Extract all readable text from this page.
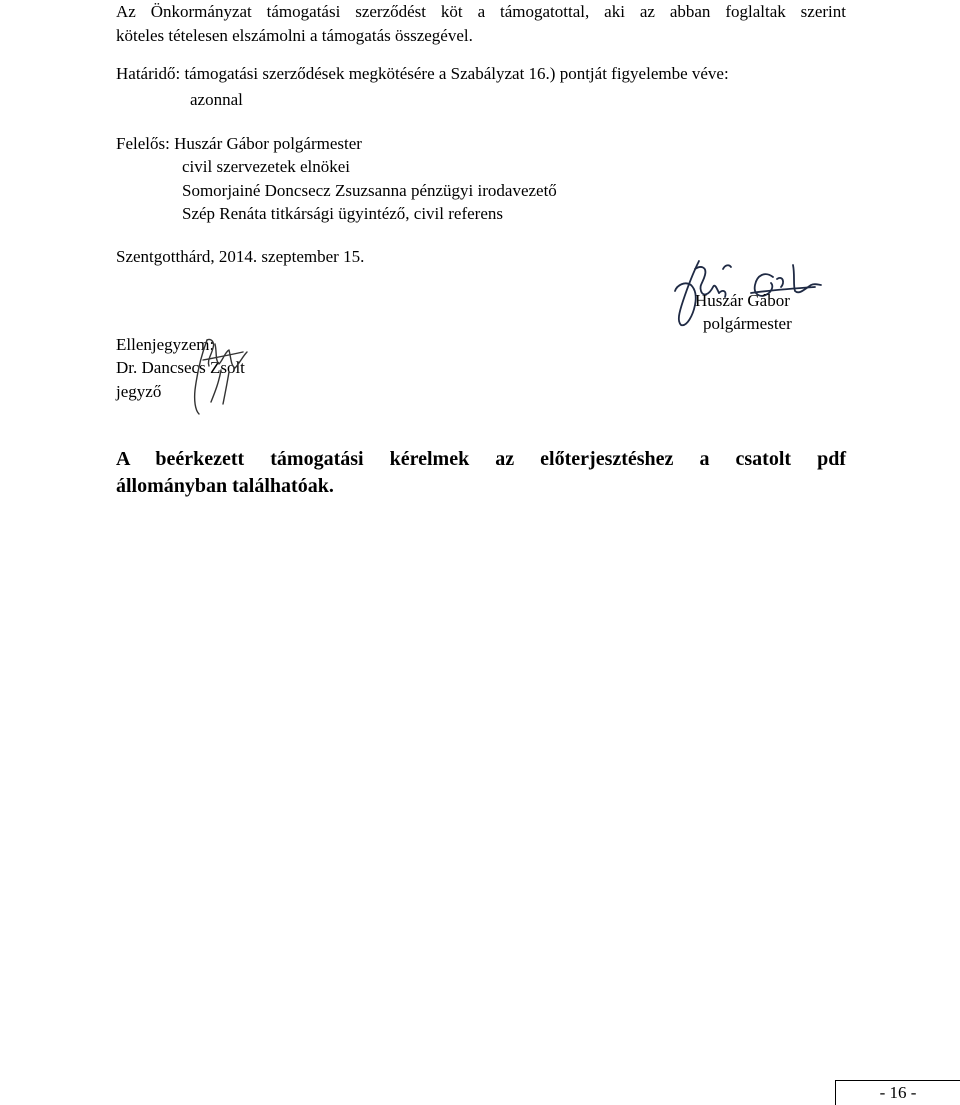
Az Önkormányzat támogatási szerződést köt a támogatottal, aki az abban foglaltak szerint
köteles tételesen elszámolni a támogatás összegével.
Határidő: támogatási szerződések megkötésére a Szabályzat 16.) pontját figyelembe véve:
azonnal
Felelős: Huszár Gábor polgármester
civil szervezetek elnökei
Somorjainé Doncsecz Zsuzsanna pénzügyi irodavezető
Szép Renáta titkársági ügyintéző, civil referens
Szentgotthárd, 2014. szeptember 15.
Huszár Gábor
polgármester
Ellenjegyzem:
Dr. Dancsecs Zsolt
jegyző
A beérkezett támogatási kérelmek az előterjesztéshez a csatolt pdf
állományban találhatóak.
- 16 -
